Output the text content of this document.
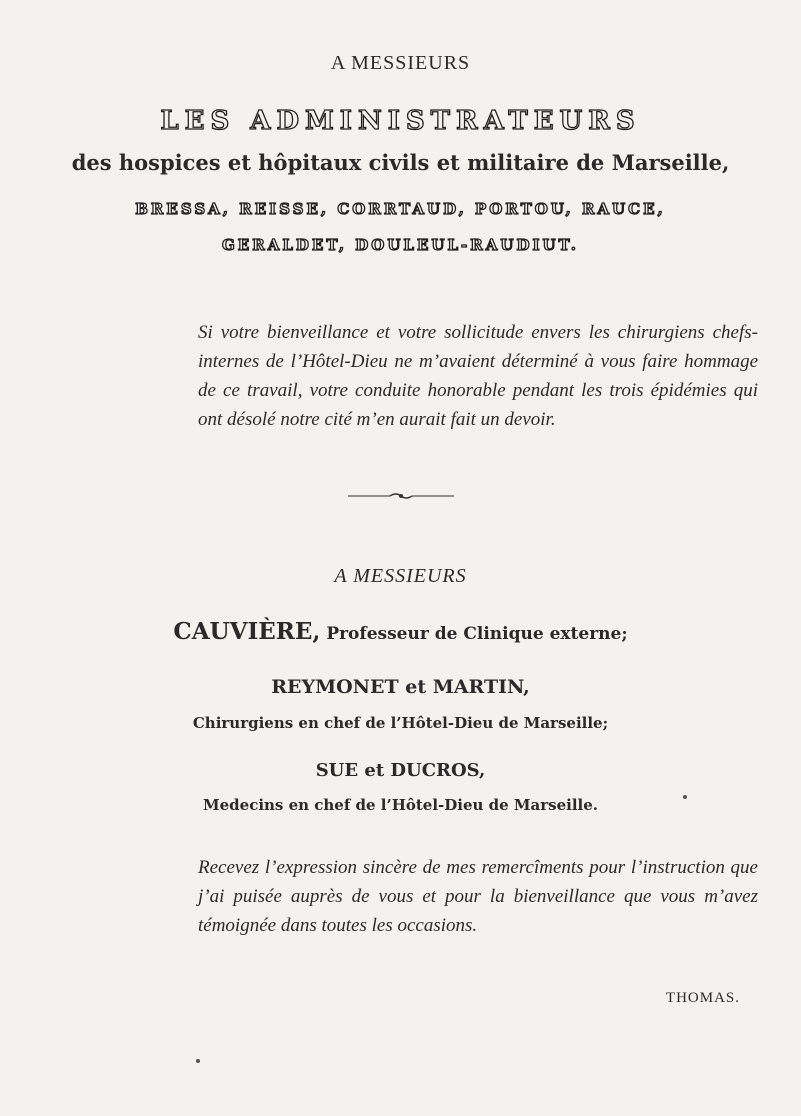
A MESSIEURS
LES ADMINISTRATEURS
des hospices et hôpitaux civils et militaire de Marseille,
BRESSA, REISSE, CORRTAUD, PORTOU, RAUCE,
GERALDET, DOULEUL-RAUDIUT.
Si votre bienveillance et votre sollicitude envers les chirurgiens chefs-internes de l’Hôtel-Dieu ne m’avaient déterminé à vous faire hommage de ce travail, votre conduite honorable pendant les trois épidémies qui ont désolé notre cité m’en aurait fait un devoir.
A MESSIEURS
CAUVIÈRE, Professeur de Clinique externe;
REYMONET et MARTIN,
Chirurgiens en chef de l’Hôtel-Dieu de Marseille;
SUE et DUCROS,
Medecins en chef de l’Hôtel-Dieu de Marseille.
Recevez l’expression sincère de mes remercîments pour l’instruction que j’ai puisée auprès de vous et pour la bienveillance que vous m’avez témoignée dans toutes les occasions.
THOMAS.
